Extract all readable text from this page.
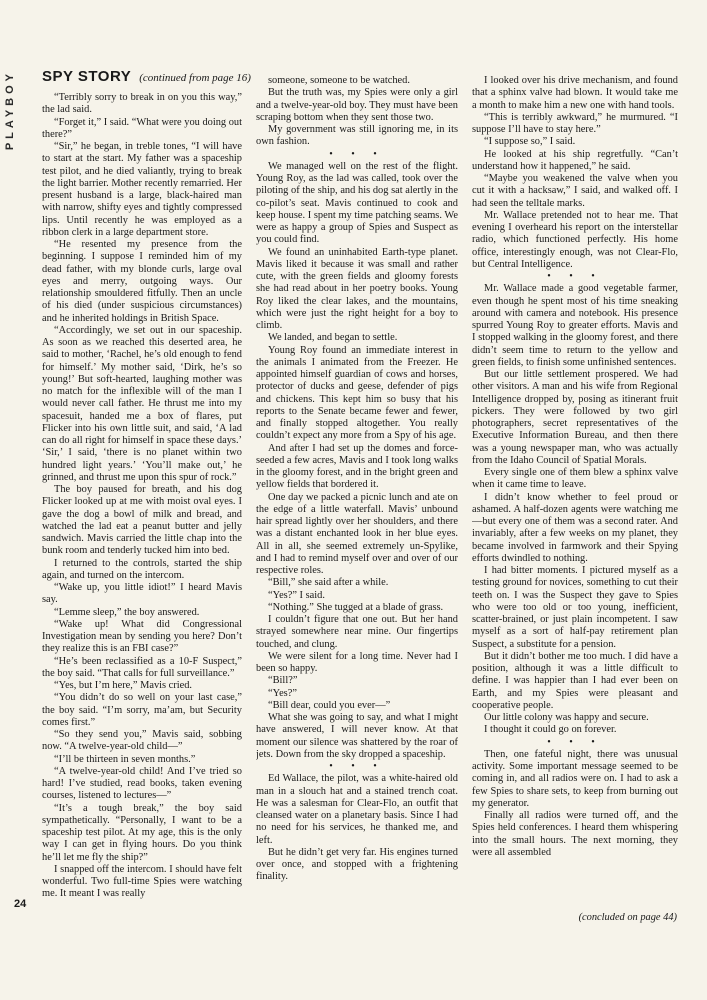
PLAYBOY SPY STORY (continued from page 16)

“Terribly sorry to break in on you this way,” the lad said.

“Forget it,” I said. “What were you doing out there?”

“Sir,” he began, in treble tones, “I will have to start at the start. My father was a spaceship test pilot, and he died valiantly, trying to break the light barrier. Mother recently remarried. Her present husband is a large, black-haired man with narrow, shifty eyes and tightly compressed lips. Until recently he was employed as a ribbon clerk in a large department store.

“He resented my presence from the beginning. I suppose I reminded him of my dead father, with my blonde curls, large oval eyes and merry, outgoing ways. Our relationship smouldered fitfully. Then an uncle of his died (under suspicious circumstances) and he inherited holdings in British Space.

“Accordingly, we set out in our spaceship. As soon as we reached this deserted area, he said to mother, ‘Rachel, he’s old enough to fend for himself.’ My mother said, ‘Dirk, he’s so young!’ But soft-hearted, laughing mother was no match for the inflexible will of the man I would never call father. He thrust me into my spacesuit, handed me a box of flares, put Flicker into his own little suit, and said, ‘A lad can do all right for himself in space these days.’ ‘Sir,’ I said, ‘there is no planet within two hundred light years.’ ‘You’ll make out,’ he grinned, and thrust me upon this spur of rock.”

The boy paused for breath, and his dog Flicker looked up at me with moist oval eyes. I gave the dog a bowl of milk and bread, and watched the lad eat a peanut butter and jelly sandwich. Mavis carried the little chap into the bunk room and tenderly tucked him into bed.

I returned to the controls, started the ship again, and turned on the intercom.

“Wake up, you little idiot!” I heard Mavis say.

“Lemme sleep,” the boy answered.

“Wake up! What did Congressional Investigation mean by sending you here? Don’t they realize this is an FBI case?”

“He’s been reclassified as a 10-F Suspect,” the boy said. “That calls for full surveillance.”

“Yes, but I’m here,” Mavis cried.

“You didn’t do so well on your last case,” the boy said. “I’m sorry, ma’am, but Security comes first.”

“So they send you,” Mavis said, sobbing now. “A twelve-year-old child—”

“I’ll be thirteen in seven months.”

“A twelve-year-old child! And I’ve tried so hard! I’ve studied, read books, taken evening courses, listened to lectures—”

“It’s a tough break,” the boy said sympathetically. “Personally, I want to be a spaceship test pilot. At my age, this is the only way I can get in flying hours. Do you think he’ll let me fly the ship?”

I snapped off the intercom. I should have felt wonderful. Two full-time Spies were watching me. It meant I was really

someone, someone to be watched.

But the truth was, my Spies were only a girl and a twelve-year-old boy. They must have been scraping bottom when they sent those two.

My government was still ignoring me, in its own fashion.

• • •

We managed well on the rest of the flight. Young Roy, as the lad was called, took over the piloting of the ship, and his dog sat alertly in the co-pilot’s seat. Mavis continued to cook and keep house. I spent my time patching seams. We were as happy a group of Spies and Suspect as you could find.

We found an uninhabited Earth-type planet. Mavis liked it because it was small and rather cute, with the green fields and gloomy forests she had read about in her poetry books. Young Roy liked the clear lakes, and the mountains, which were just the right height for a boy to climb.

We landed, and began to settle.

Young Roy found an immediate interest in the animals I animated from the Freezer. He appointed himself guardian of cows and horses, protector of ducks and geese, defender of pigs and chickens. This kept him so busy that his reports to the Senate became fewer and fewer, and finally stopped altogether. You really couldn’t expect any more from a Spy of his age.

And after I had set up the domes and force-seeded a few acres, Mavis and I took long walks in the gloomy forest, and in the bright green and yellow fields that bordered it.

One day we packed a picnic lunch and ate on the edge of a little waterfall. Mavis’ unbound hair spread lightly over her shoulders, and there was a distant enchanted look in her blue eyes. All in all, she seemed extremely un-Spylike, and I had to remind myself over and over of our respective roles.

“Bill,” she said after a while.

“Yes?” I said.

“Nothing.” She tugged at a blade of grass.

I couldn’t figure that one out. But her hand strayed somewhere near mine. Our fingertips touched, and clung.

We were silent for a long time. Never had I been so happy.

“Bill?”

“Yes?”

“Bill dear, could you ever—”

What she was going to say, and what I might have answered, I will never know. At that moment our silence was shattered by the roar of jets. Down from the sky dropped a spaceship.

• • •

Ed Wallace, the pilot, was a white-haired old man in a slouch hat and a stained trench coat. He was a salesman for Clear-Flo, an outfit that cleansed water on a planetary basis. Since I had no need for his services, he thanked me, and left.

But he didn’t get very far. His engines turned over once, and stopped with a frightening finality.

I looked over his drive mechanism, and found that a sphinx valve had blown. It would take me a month to make him a new one with hand tools.

“This is terribly awkward,” he murmured. “I suppose I’ll have to stay here.”

“I suppose so,” I said.

He looked at his ship regretfully. “Can’t understand how it happened,” he said.

“Maybe you weakened the valve when you cut it with a hacksaw,” I said, and walked off. I had seen the telltale marks.

Mr. Wallace pretended not to hear me. That evening I overheard his report on the interstellar radio, which functioned perfectly. His home office, interestingly enough, was not Clear-Flo, but Central Intelligence.

• • •

Mr. Wallace made a good vegetable farmer, even though he spent most of his time sneaking around with camera and notebook. His presence spurred Young Roy to greater efforts. Mavis and I stopped walking in the gloomy forest, and there didn’t seem time to return to the yellow and green fields, to finish some unfinished sentences.

But our little settlement prospered. We had other visitors. A man and his wife from Regional Intelligence dropped by, posing as itinerant fruit pickers. They were followed by two girl photographers, secret representatives of the Executive Information Bureau, and then there was a young newspaper man, who was actually from the Idaho Council of Spatial Morals.

Every single one of them blew a sphinx valve when it came time to leave.

I didn’t know whether to feel proud or ashamed. A half-dozen agents were watching me—but every one of them was a second rater. And invariably, after a few weeks on my planet, they became involved in farmwork and their Spying efforts dwindled to nothing.

I had bitter moments. I pictured myself as a testing ground for novices, something to cut their teeth on. I was the Suspect they gave to Spies who were too old or too young, inefficient, scatter-brained, or just plain incompetent. I saw myself as a sort of half-pay retirement plan Suspect, a substitute for a pension.

But it didn’t bother me too much. I did have a position, although it was a little difficult to define. I was happier than I had ever been on Earth, and my Spies were pleasant and cooperative people.

Our little colony was happy and secure.

I thought it could go on forever.

• • •

Then, one fateful night, there was unusual activity. Some important message seemed to be coming in, and all radios were on. I had to ask a few Spies to share sets, to keep from burning out my generator.

Finally all radios were turned off, and the Spies held conferences. I heard them whispering into the small hours. The next morning, they were all assembled

24
(concluded on page 44)
